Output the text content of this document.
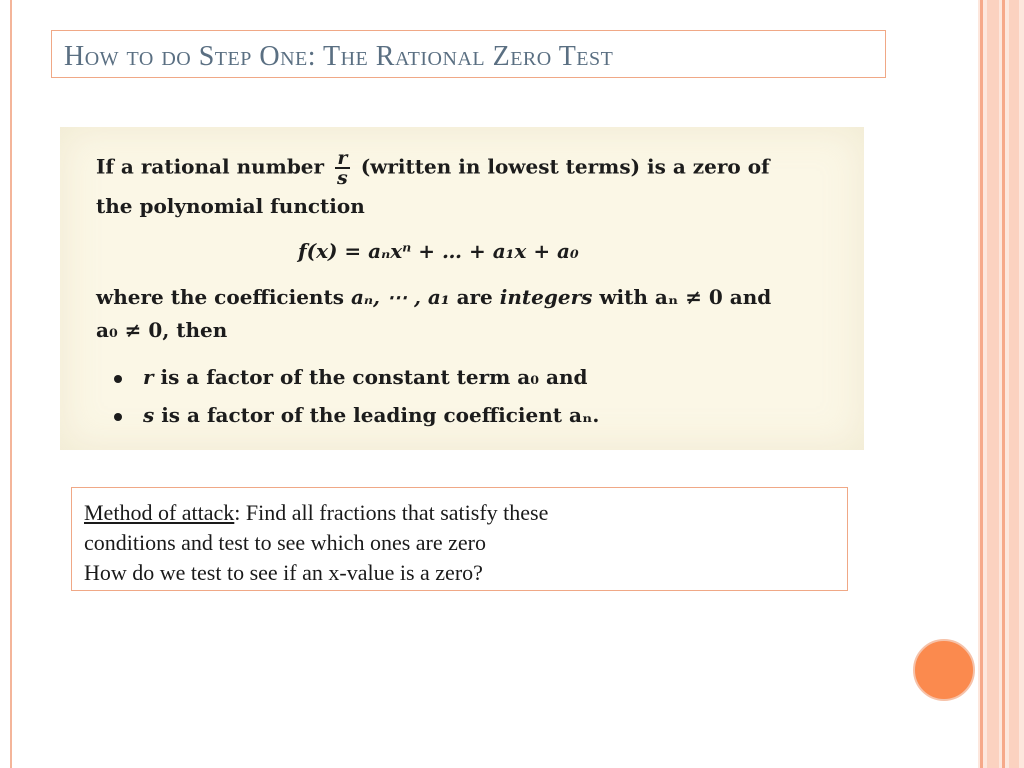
How to do Step One: The Rational Zero Test
If a rational number $\frac{r}{s}$ (written in lowest terms) is a zero of
the polynomial function
f(x) = aₙxⁿ + … + a₁x + a₀
where the coefficients aₙ, ⋯ , a₁ are integers with aₙ ≠ 0 and
a₀ ≠ 0, then
r is a factor of the constant term a₀ and
s is a factor of the leading coefficient aₙ.
Method of attack: Find all fractions that satisfy these
conditions and test to see which ones are zero
How do we test to see if an x-value is a zero?
